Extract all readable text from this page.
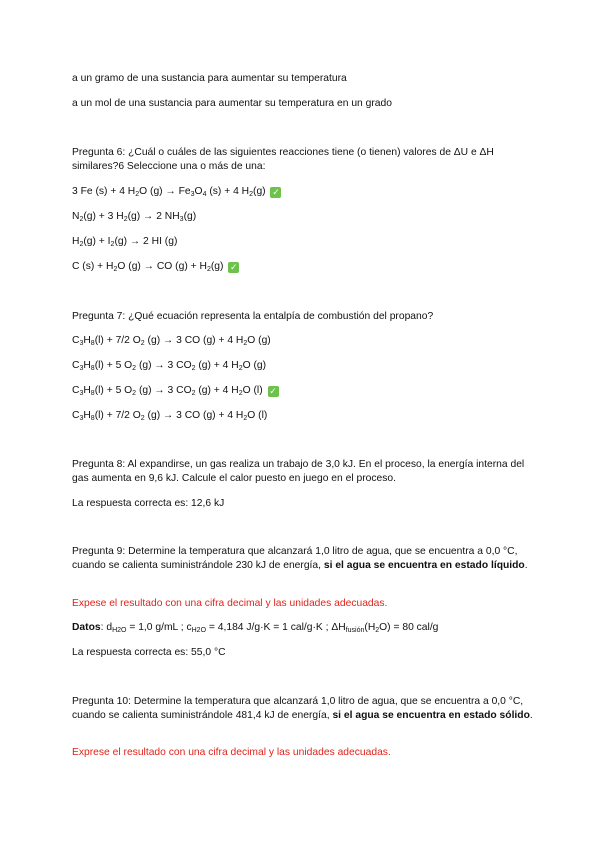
a un gramo de una sustancia para aumentar su temperatura

a un mol de una sustancia para aumentar su temperatura en un grado

Pregunta 6: ¿Cuál o cuáles de las siguientes reacciones tiene (o tienen) valores de ΔU e ΔH similares?6 Seleccione una o más de una:

3 Fe (s) + 4 $H_2O$ $(g) \to Fe_3O_4$ (s) + 4 $H_2(g)$ ✓

$N_2(g) + 3$ $H_2(g) \to 2$ $NH_3(g)$

$H_2(g) + I_2(g) \to 2$ HI (g)

C $(s) + H_2O$ (g) → CO $(g) + H_2(g)$ ✓

Pregunta 7: ¿Qué ecuación representa la entalpía de combustión del propano?

$C_3H_8(l) + 7/2$ $O_2$ (g) → 3 CO (g) + 4 $H_2O$ (g)

$C_3H_8(l) + 5$ $O_2$ (g) → 3 $CO_2$ (g) + 4 $H_2O$ (g)

$C_3H_8(l) + 5$ $O_2$ (g) → 3 $CO_2$ (g) + 4 $H_2O$ (l) ✓

$C_3H_8(l) + 7/2$ $O_2$ (g) → 3 CO (g) + 4 $H_2O$ (l)

Pregunta 8: Al expandirse, un gas realiza un trabajo de 3,0 kJ. En el proceso, la energía interna del gas aumenta en 9,6 kJ. Calcule el calor puesto en juego en el proceso.

La respuesta correcta es: 12,6 kJ

Pregunta 9: Determine la temperatura que alcanzará 1,0 litro de agua, que se encuentra a 0,0 °C, cuando se calienta suministrándole 230 kJ de energía, si el agua se encuentra en estado líquido.

Expese el resultado con una cifra decimal y las unidades adecuadas.

Datos: $d_{H2O} = 1,0$ g/mL ; $c_{H2O} = 4,184$ J/g·K = 1 cal/g·K ; $\Delta H_{fusión}(H_2O) = 80$ cal/g

La respuesta correcta es: 55,0 °C

Pregunta 10: Determine la temperatura que alcanzará 1,0 litro de agua, que se encuentra a 0,0 °C, cuando se calienta suministrándole 481,4 kJ de energía, si el agua se encuentra en estado sólido.

Exprese el resultado con una cifra decimal y las unidades adecuadas.
